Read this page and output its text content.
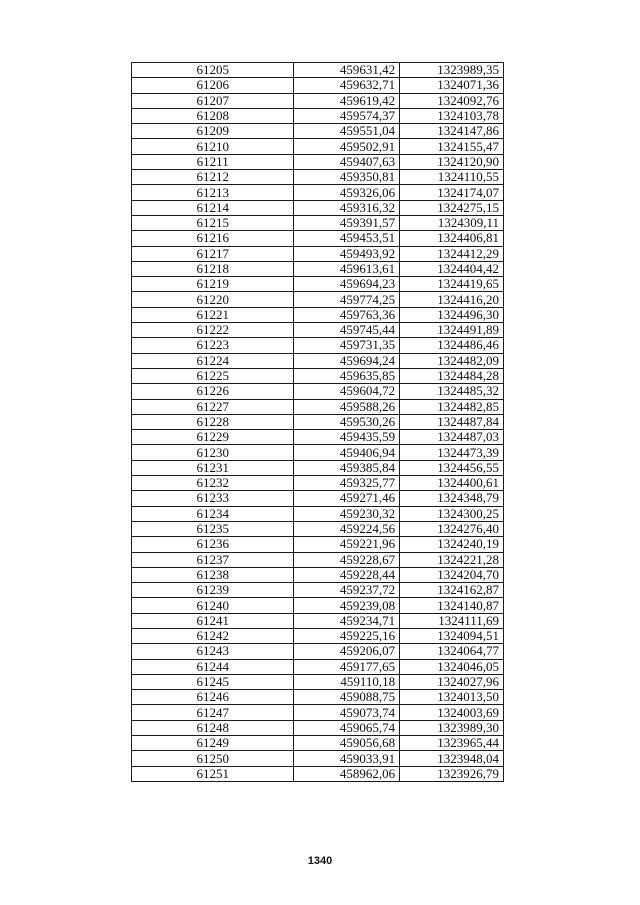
61205	459631,42	1323989,35
61206	459632,71	1324071,36
61207	459619,42	1324092,76
61208	459574,37	1324103,78
61209	459551,04	1324147,86
61210	459502,91	1324155,47
61211	459407,63	1324120,90
61212	459350,81	1324110,55
61213	459326,06	1324174,07
61214	459316,32	1324275,15
61215	459391,57	1324309,11
61216	459453,51	1324406,81
61217	459493,92	1324412,29
61218	459613,61	1324404,42
61219	459694,23	1324419,65
61220	459774,25	1324416,20
61221	459763,36	1324496,30
61222	459745,44	1324491,89
61223	459731,35	1324486,46
61224	459694,24	1324482,09
61225	459635,85	1324484,28
61226	459604,72	1324485,32
61227	459588,26	1324482,85
61228	459530,26	1324487,84
61229	459435,59	1324487,03
61230	459406,94	1324473,39
61231	459385,84	1324456,55
61232	459325,77	1324400,61
61233	459271,46	1324348,79
61234	459230,32	1324300,25
61235	459224,56	1324276,40
61236	459221,96	1324240,19
61237	459228,67	1324221,28
61238	459228,44	1324204,70
61239	459237,72	1324162,87
61240	459239,08	1324140,87
61241	459234,71	1324111,69
61242	459225,16	1324094,51
61243	459206,07	1324064,77
61244	459177,65	1324046,05
61245	459110,18	1324027,96
61246	459088,75	1324013,50
61247	459073,74	1324003,69
61248	459065,74	1323989,30
61249	459056,68	1323965,44
61250	459033,91	1323948,04
61251	458962,06	1323926,79
1340
